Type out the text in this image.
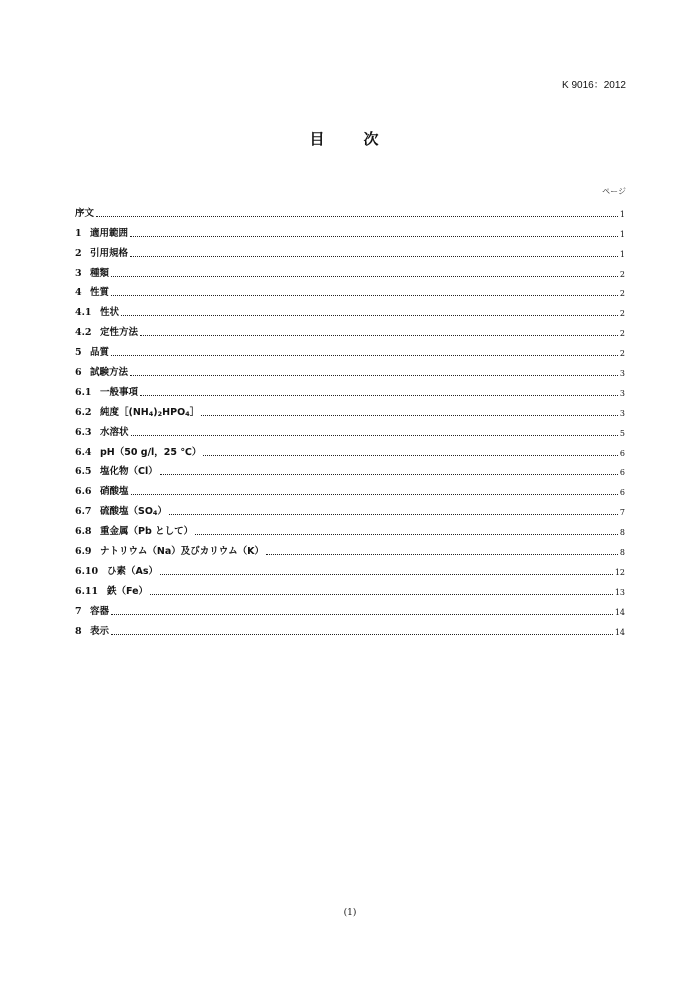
K 9016：2012
目　次
ページ
序文	1
1 適用範囲	1
2 引用規格	1
3 種類	2
4 性質	2
4.1 性状	2
4.2 定性方法	2
5 品質	2
6 試験方法	3
6.1 一般事項	3
6.2 純度$[(NH_4)_2HPO_4]$	3
6.3 水溶状	5
6.4 pH（50 g/l，25 ℃）	6
6.5 塩化物（Cl）	6
6.6 硝酸塩	6
6.7 硫酸塩$(SO_4)$	7
6.8 重金属（Pb として）	8
6.9 ナトリウム（Na）及びカリウム（K）	8
6.10 ひ素（As）	12
6.11 鉄（Fe）	13
7 容器	14
8 表示	14
(1)
